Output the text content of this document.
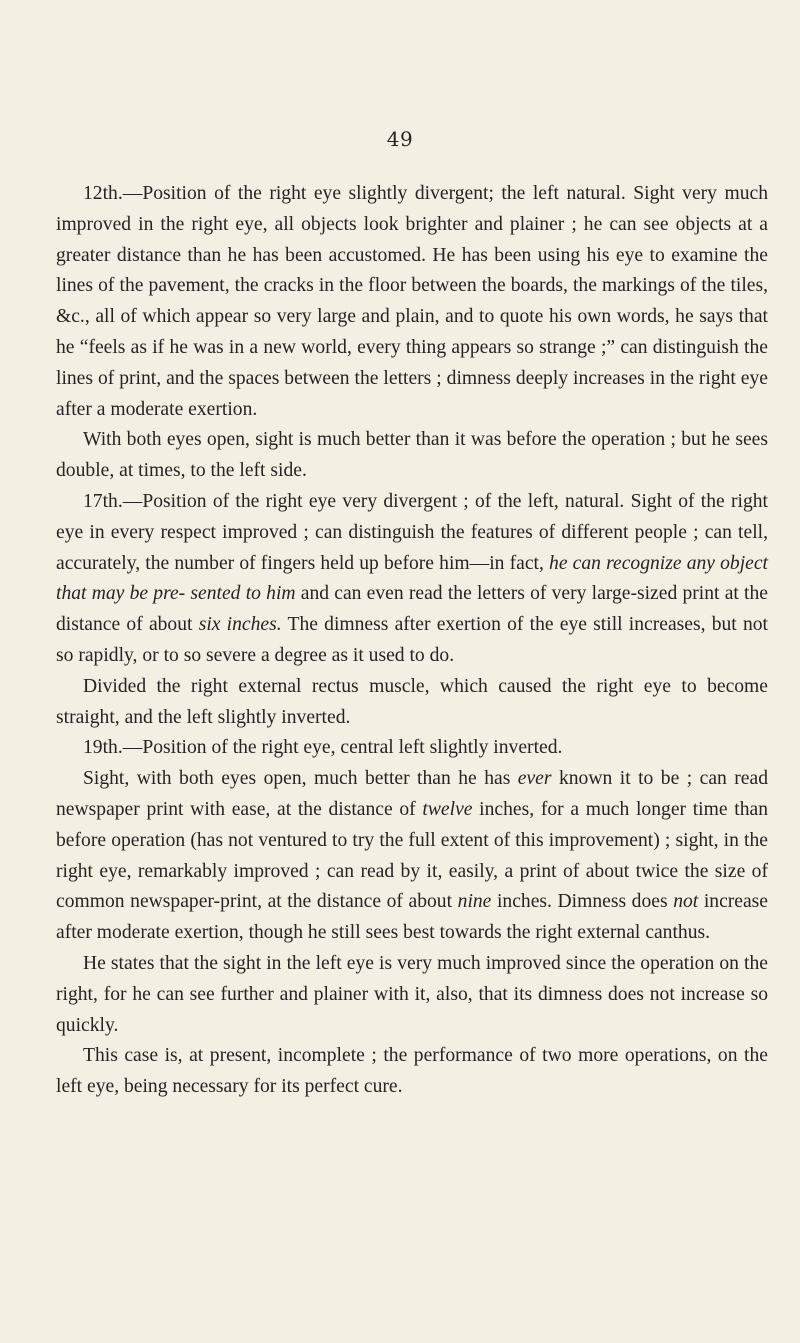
49

12th.—Position of the right eye slightly divergent; the left natural. Sight very much improved in the right eye, all objects look brighter and plainer ; he can see objects at a greater distance than he has been accustomed. He has been using his eye to examine the lines of the pavement, the cracks in the floor between the boards, the markings of the tiles, &c., all of which appear so very large and plain, and to quote his own words, he says that he “feels as if he was in a new world, every thing appears so strange ;” can distinguish the lines of print, and the spaces between the letters ; dimness deeply increases in the right eye after a moderate exertion.

With both eyes open, sight is much better than it was before the operation ; but he sees double, at times, to the left side.

17th.—Position of the right eye very divergent ; of the left, natural. Sight of the right eye in every respect improved ; can distinguish the features of different people ; can tell, accurately, the number of fingers held up before him—in fact, he can recognize any object that may be pre- sented to him and can even read the letters of very large-sized print at the distance of about six inches. The dimness after exertion of the eye still increases, but not so rapidly, or to so severe a degree as it used to do.

Divided the right external rectus muscle, which caused the right eye to become straight, and the left slightly inverted.

19th.—Position of the right eye, central left slightly inverted.

Sight, with both eyes open, much better than he has ever known it to be ; can read newspaper print with ease, at the distance of twelve inches, for a much longer time than before operation (has not ventured to try the full extent of this improvement) ; sight, in the right eye, remarkably improved ; can read by it, easily, a print of about twice the size of common newspaper-print, at the distance of about nine inches. Dimness does not increase after moderate exertion, though he still sees best towards the right external canthus.

He states that the sight in the left eye is very much improved since the operation on the right, for he can see further and plainer with it, also, that its dimness does not increase so quickly.

This case is, at present, incomplete ; the performance of two more operations, on the left eye, being necessary for its perfect cure.
